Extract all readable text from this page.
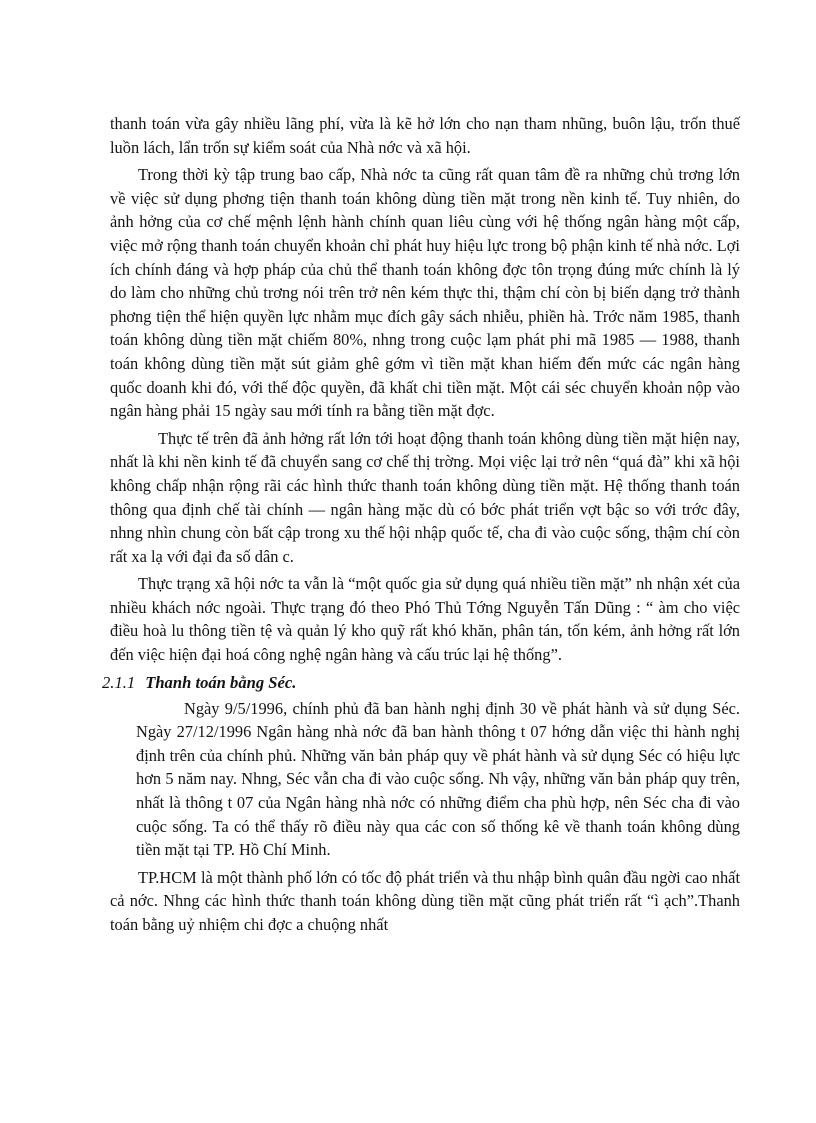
thanh toán vừa gây nhiều lãng phí, vừa là kẽ hở lớn cho nạn tham nhũng, buôn lậu, trốn thuế luồn lách, lẩn trốn sự kiểm soát của Nhà nớc và xã hội.

Trong thời kỳ tập trung bao cấp, Nhà nớc ta cũng rất quan tâm đề ra những chủ trơng lớn về việc sử dụng phơng tiện thanh toán không dùng tiền mặt trong nền kinh tế. Tuy nhiên, do ảnh hởng của cơ chế mệnh lệnh hành chính quan liêu cùng với hệ thống ngân hàng một cấp, việc mở rộng thanh toán chuyển khoản chỉ phát huy hiệu lực trong bộ phận kinh tế nhà nớc. Lợi ích chính đáng và hợp pháp của chủ thể thanh toán không đợc tôn trọng đúng mức chính là lý do làm cho những chủ trơng nói trên trở nên kém thực thi, thậm chí còn bị biến dạng trở thành phơng tiện thể hiện quyền lực nhằm mục đích gây sách nhiễu, phiền hà. Trớc năm 1985, thanh toán không dùng tiền mặt chiếm 80%, nhng trong cuộc lạm phát phi mã 1985 — 1988, thanh toán không dùng tiền mặt sút giảm ghê gớm vì tiền mặt khan hiếm đến mức các ngân hàng quốc doanh khi đó, với thế độc quyền, đã khất chi tiền mặt. Một cái séc chuyển khoản nộp vào ngân hàng phải 15 ngày sau mới tính ra bằng tiền mặt đợc.

Thực tế trên đã ảnh hởng rất lớn tới hoạt động thanh toán không dùng tiền mặt hiện nay, nhất là khi nền kinh tế đã chuyển sang cơ chế thị trờng. Mọi việc lại trở nên “quá đà” khi xã hội không chấp nhận rộng rãi các hình thức thanh toán không dùng tiền mặt. Hệ thống thanh toán thông qua định chế tài chính — ngân hàng mặc dù có bớc phát triển vợt bậc so với trớc đây, nhng nhìn chung còn bất cập trong xu thế hội nhập quốc tế, cha đi vào cuộc sống, thậm chí còn rất xa lạ với đại đa số dân c.

Thực trạng xã hội nớc ta vẫn là “một quốc gia sử dụng quá nhiều tiền mặt” nh nhận xét của nhiều khách nớc ngoài. Thực trạng đó theo Phó Thủ Tớng Nguyễn Tấn Dũng : “ àm cho việc điều hoà lu thông tiền tệ và quản lý kho quỹ rất khó khăn, phân tán, tốn kém, ảnh hởng rất lớn đến việc hiện đại hoá công nghệ ngân hàng và cấu trúc lại hệ thống”.

2.1.1 Thanh toán bằng Séc.

Ngày 9/5/1996, chính phủ đã ban hành nghị định 30 về phát hành và sử dụng Séc. Ngày 27/12/1996 Ngân hàng nhà nớc đã ban hành thông t 07 hớng dẫn việc thi hành nghị định trên của chính phủ. Những văn bản pháp quy về phát hành và sử dụng Séc có hiệu lực hơn 5 năm nay. Nhng, Séc vẫn cha đi vào cuộc sống. Nh vậy, những văn bản pháp quy trên, nhất là thông t 07 của Ngân hàng nhà nớc có những điểm cha phù hợp, nên Séc cha đi vào cuộc sống. Ta có thể thấy rõ điều này qua các con số thống kê về thanh toán không dùng tiền mặt tại TP. Hồ Chí Minh.

TP.HCM là một thành phố lớn có tốc độ phát triển và thu nhập bình quân đầu ngời cao nhất cả nớc. Nhng các hình thức thanh toán không dùng tiền mặt cũng phát triển rất “ì ạch”.Thanh toán bằng uỷ nhiệm chi đợc a chuộng nhất
